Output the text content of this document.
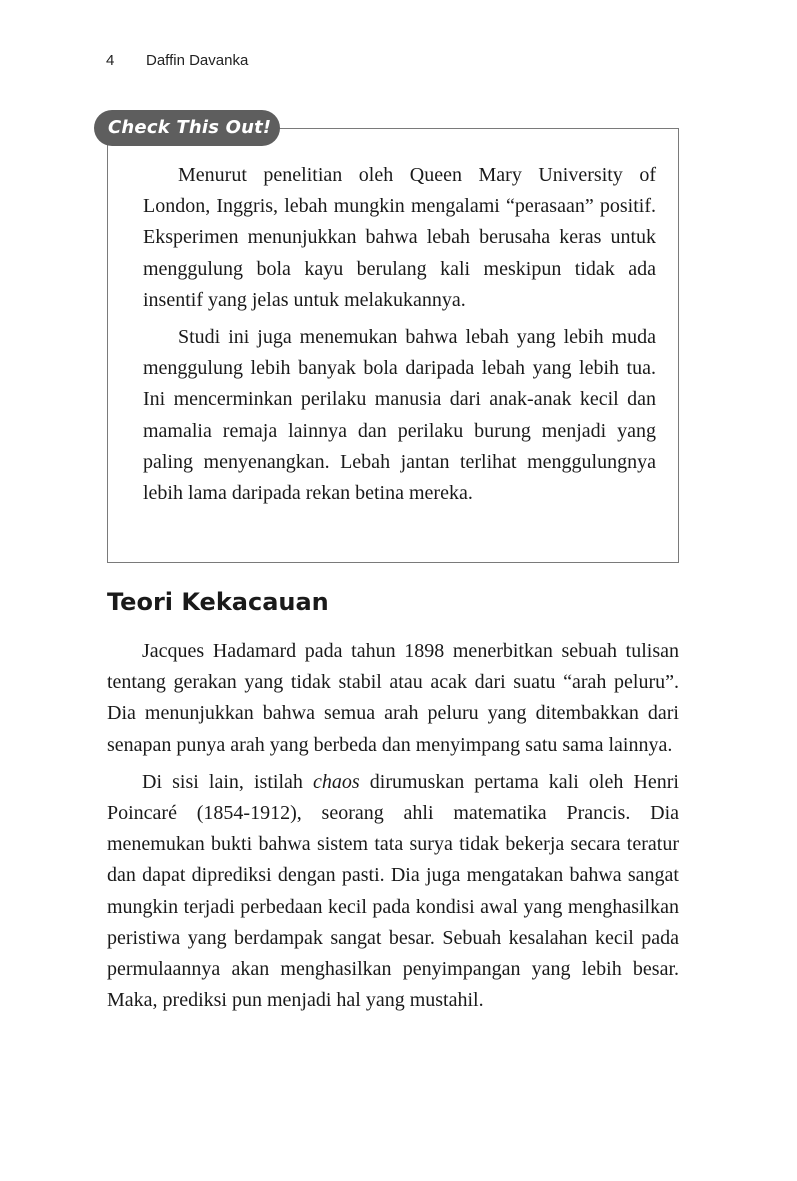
4 Daffin Davanka
Check This Out!

Menurut penelitian oleh Queen Mary University of London, Inggris, lebah mungkin mengalami “perasaan” positif. Eksperimen menunjukkan bahwa lebah berusaha keras untuk menggulung bola kayu berulang kali meskipun tidak ada insentif yang jelas untuk melakukannya.

Studi ini juga menemukan bahwa lebah yang lebih muda menggulung lebih banyak bola daripada lebah yang lebih tua. Ini mencerminkan perilaku manusia dari anak-anak kecil dan mamalia remaja lainnya dan perilaku burung menjadi yang paling menyenangkan. Lebah jantan terlihat menggulungnya lebih lama daripada rekan betina mereka.

Teori Kekacauan

Jacques Hadamard pada tahun 1898 menerbitkan sebuah tulisan tentang gerakan yang tidak stabil atau acak dari suatu “arah peluru”. Dia menunjukkan bahwa semua arah peluru yang ditembakkan dari senapan punya arah yang berbeda dan menyimpang satu sama lainnya.

Di sisi lain, istilah chaos dirumuskan pertama kali oleh Henri Poincaré (1854-1912), seorang ahli matematika Prancis. Dia menemukan bukti bahwa sistem tata surya tidak bekerja secara teratur dan dapat diprediksi dengan pasti. Dia juga mengatakan bahwa sangat mungkin terjadi perbedaan kecil pada kondisi awal yang menghasilkan peristiwa yang berdampak sangat besar. Sebuah kesalahan kecil pada permulaannya akan menghasilkan penyimpangan yang lebih besar. Maka, prediksi pun menjadi hal yang mustahil.
